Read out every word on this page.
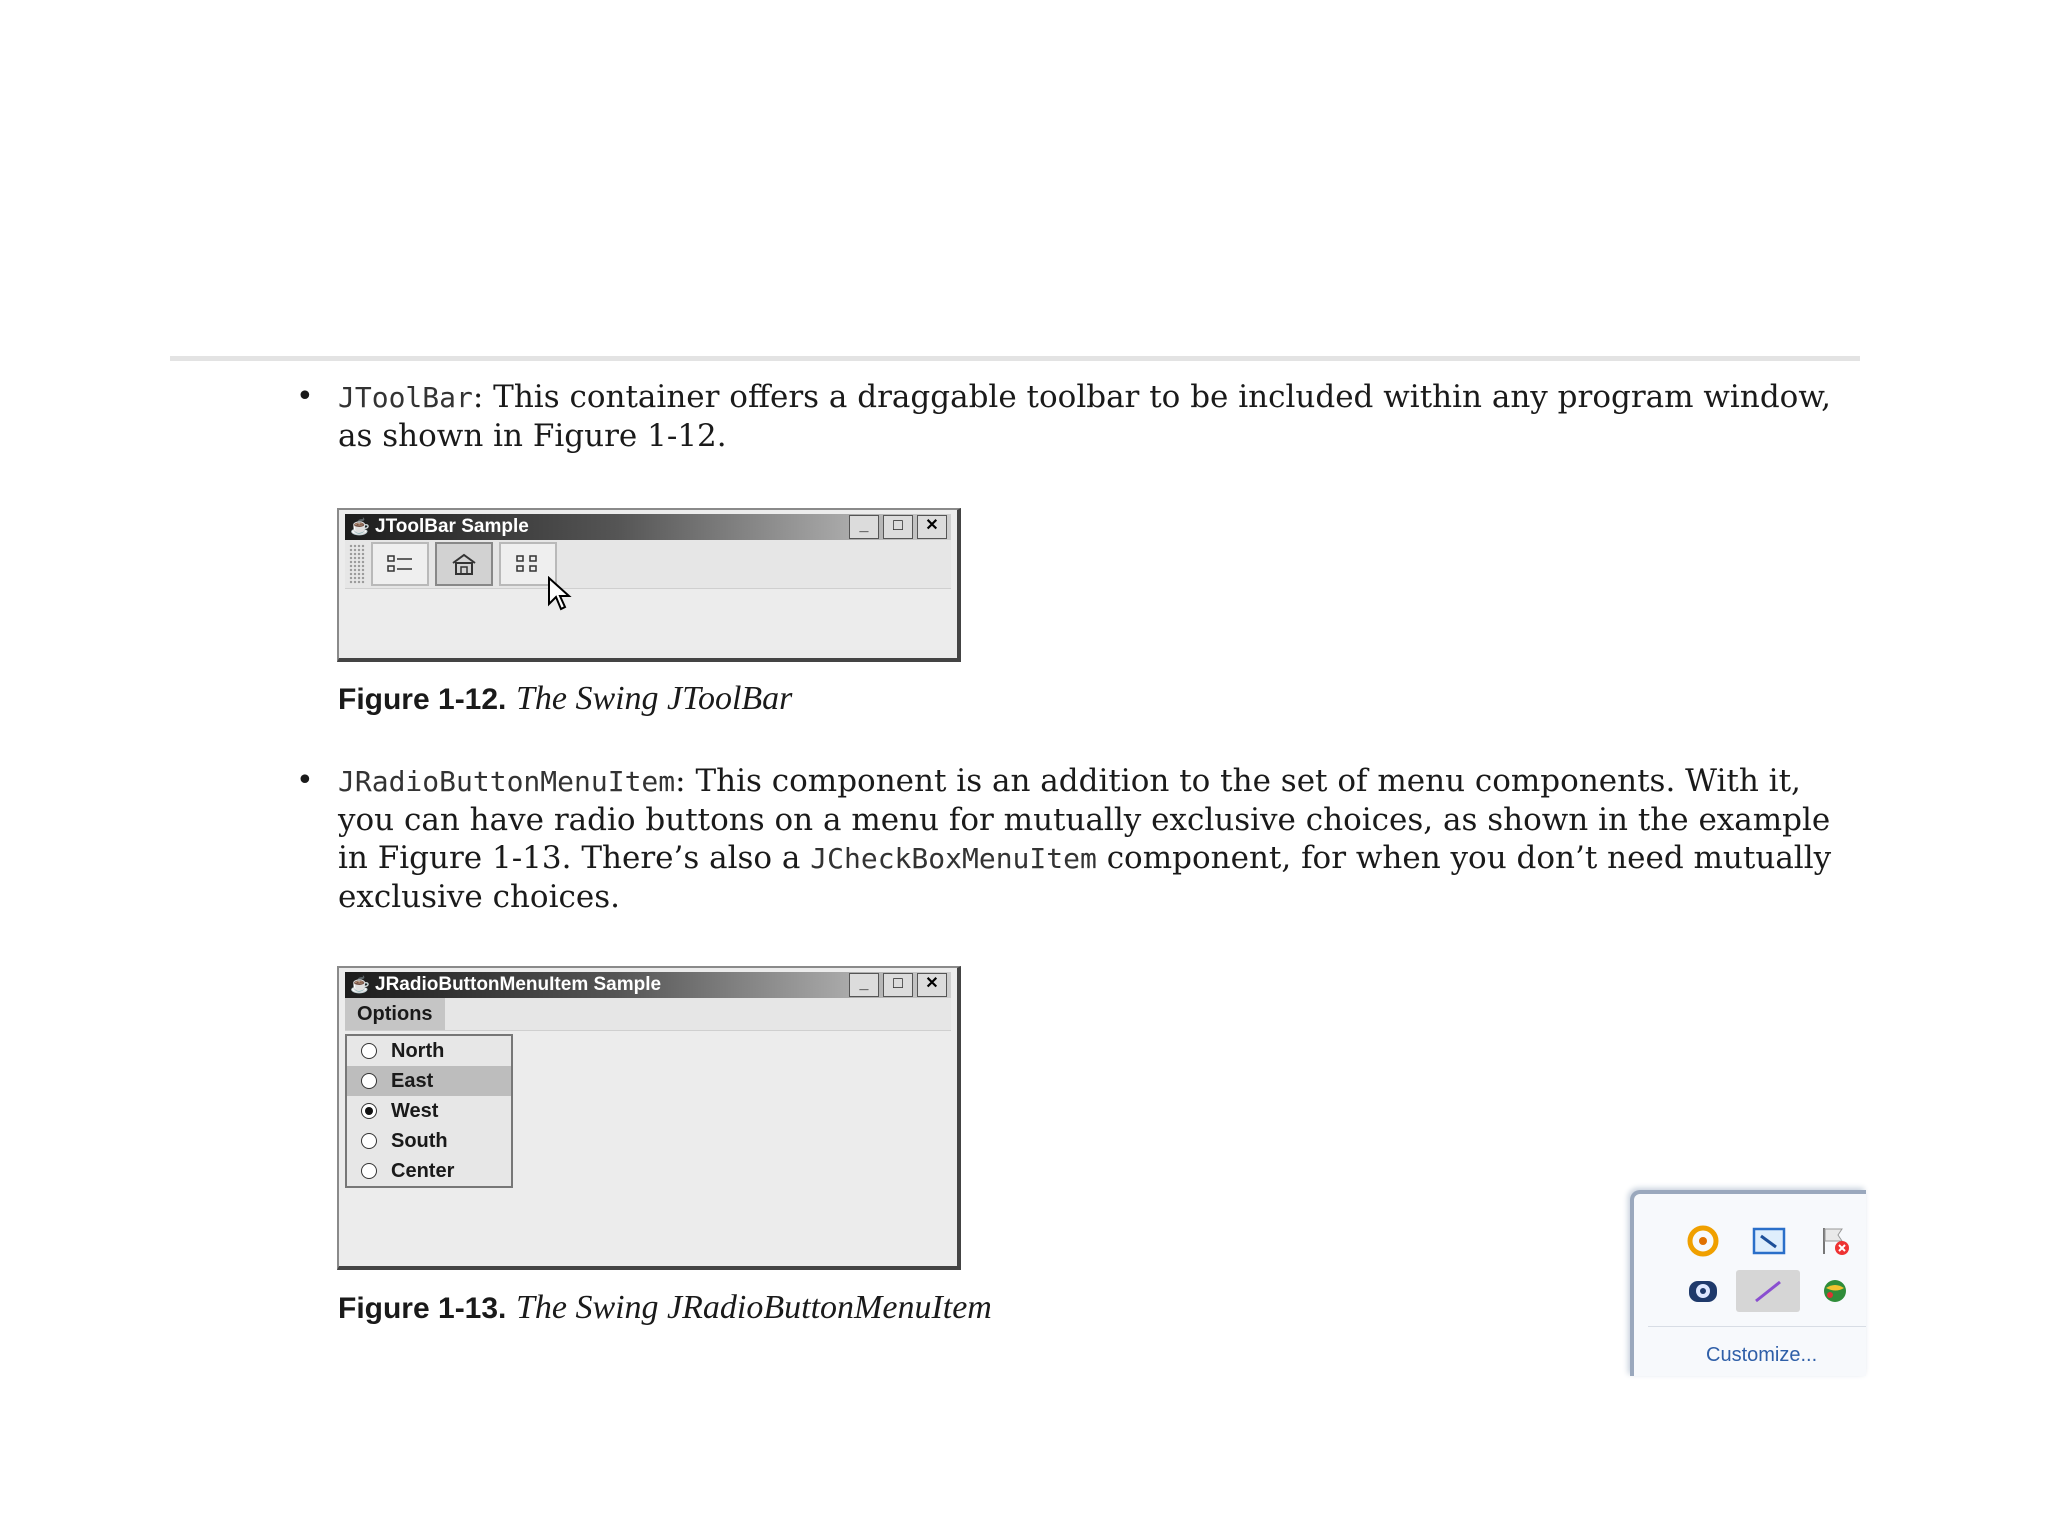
• JToolBar: This container offers a draggable toolbar to be included within any program window, as shown in Figure 1-12.

☕ JToolBar Sample	_	□	✕
Figure 1-12. The Swing JToolBar
• JRadioButtonMenuItem: This component is an addition to the set of menu components. With it, you can have radio buttons on a menu for mutually exclusive choices, as shown in the example in Figure 1-13. There’s also a JCheckBoxMenuItem component, for when you don’t need mutually exclusive choices.

☕ JRadioButtonMenuItem Sample	_	□	✕
Options
North
East
West
South
Center
Figure 1-13. The Swing JRadioButtonMenuItem
Customize...
